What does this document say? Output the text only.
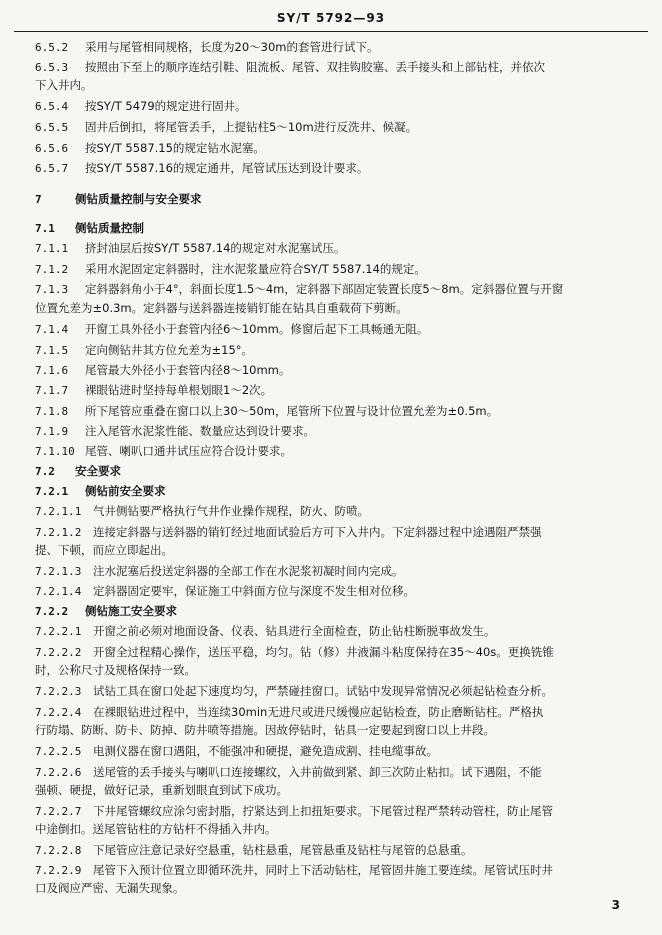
SY/T 5792—93
6.5.2 采用与尾管相同规格，长度为20～30m的套管进行试下。
6.5.3 按照由下至上的顺序连结引鞋、阻流板、尾管、双挂钩胶塞、丢手接头和上部钻柱，并依次
下入井内。
6.5.4 按SY/T 5479的规定进行固井。
6.5.5 固井后倒扣，将尾管丢手，上提钻柱5～10m进行反洗井、候凝。
6.5.6 按SY/T 5587.15的规定钻水泥塞。
6.5.7 按SY/T 5587.16的规定通井，尾管试压达到设计要求。
7	侧钻质量控制与安全要求
7.1 侧钻质量控制
7.1.1 挤封油层后按SY/T 5587.14的规定对水泥塞试压。
7.1.2 采用水泥固定定斜器时，注水泥浆量应符合SY/T 5587.14的规定。
7.1.3 定斜器斜角小于4°，斜面长度1.5～4m，定斜器下部固定装置长度5～8m。定斜器位置与开窗
位置允差为±0.3m。定斜器与送斜器连接销钉能在钻具自重载荷下剪断。
7.1.4 开窗工具外径小于套管内径6～10mm。修窗后起下工具畅通无阻。
7.1.5 定向侧钻井其方位允差为±15°。
7.1.6 尾管最大外径小于套管内径8～10mm。
7.1.7 裸眼钻进时坚持每单根划眼1～2次。
7.1.8 所下尾管应重叠在窗口以上30～50m，尾管所下位置与设计位置允差为±0.5m。
7.1.9 注入尾管水泥浆性能、数量应达到设计要求。
7.1.10 尾管、喇叭口通井试压应符合设计要求。
7.2 安全要求
7.2.1 侧钻前安全要求
7.2.1.1 气井侧钻要严格执行气井作业操作规程，防火、防喷。
7.2.1.2 连接定斜器与送斜器的销钉经过地面试验后方可下入井内。下定斜器过程中途遇阻严禁强
提、下顿，而应立即起出。
7.2.1.3 注水泥塞后投送定斜器的全部工作在水泥浆初凝时间内完成。
7.2.1.4 定斜器固定要牢，保证施工中斜面方位与深度不发生相对位移。
7.2.2 侧钻施工安全要求
7.2.2.1 开窗之前必须对地面设备、仪表、钻具进行全面检查，防止钻柱断脱事故发生。
7.2.2.2 开窗全过程精心操作，送压平稳，均匀。钻（修）井液漏斗粘度保持在35～40s。更换铣锥
时，公称尺寸及规格保持一致。
7.2.2.3 试钻工具在窗口处起下速度均匀，严禁碰挂窗口。试钻中发现异常情况必须起钻检查分析。
7.2.2.4 在裸眼钻进过程中，当连续30min无进尺或进尺缓慢应起钻检查，防止磨断钻柱。严格执
行防塌、防断、防卡、防掉、防井喷等措施。因故停钻时，钻具一定要起到窗口以上井段。
7.2.2.5 电测仪器在窗口遇阻，不能强冲和硬提，避免造成割、挂电缆事故。
7.2.2.6 送尾管的丢手接头与喇叭口连接螺纹，入井前做到紧、卸三次防止粘扣。试下遇阻，不能
强顿、硬提，做好记录，重新划眼直到试下成功。
7.2.2.7 下井尾管螺纹应涂匀密封脂，拧紧达到上扣扭矩要求。下尾管过程严禁转动管柱，防止尾管
中途倒扣。送尾管钻柱的方钻杆不得插入井内。
7.2.2.8 下尾管应注意记录好空悬重，钻柱悬重，尾管悬重及钻柱与尾管的总悬重。
7.2.2.9 尾管下入预计位置立即循环洗井，同时上下活动钻柱，尾管固井施工要连续。尾管试压时井
口及阀应严密、无漏失现象。
3
